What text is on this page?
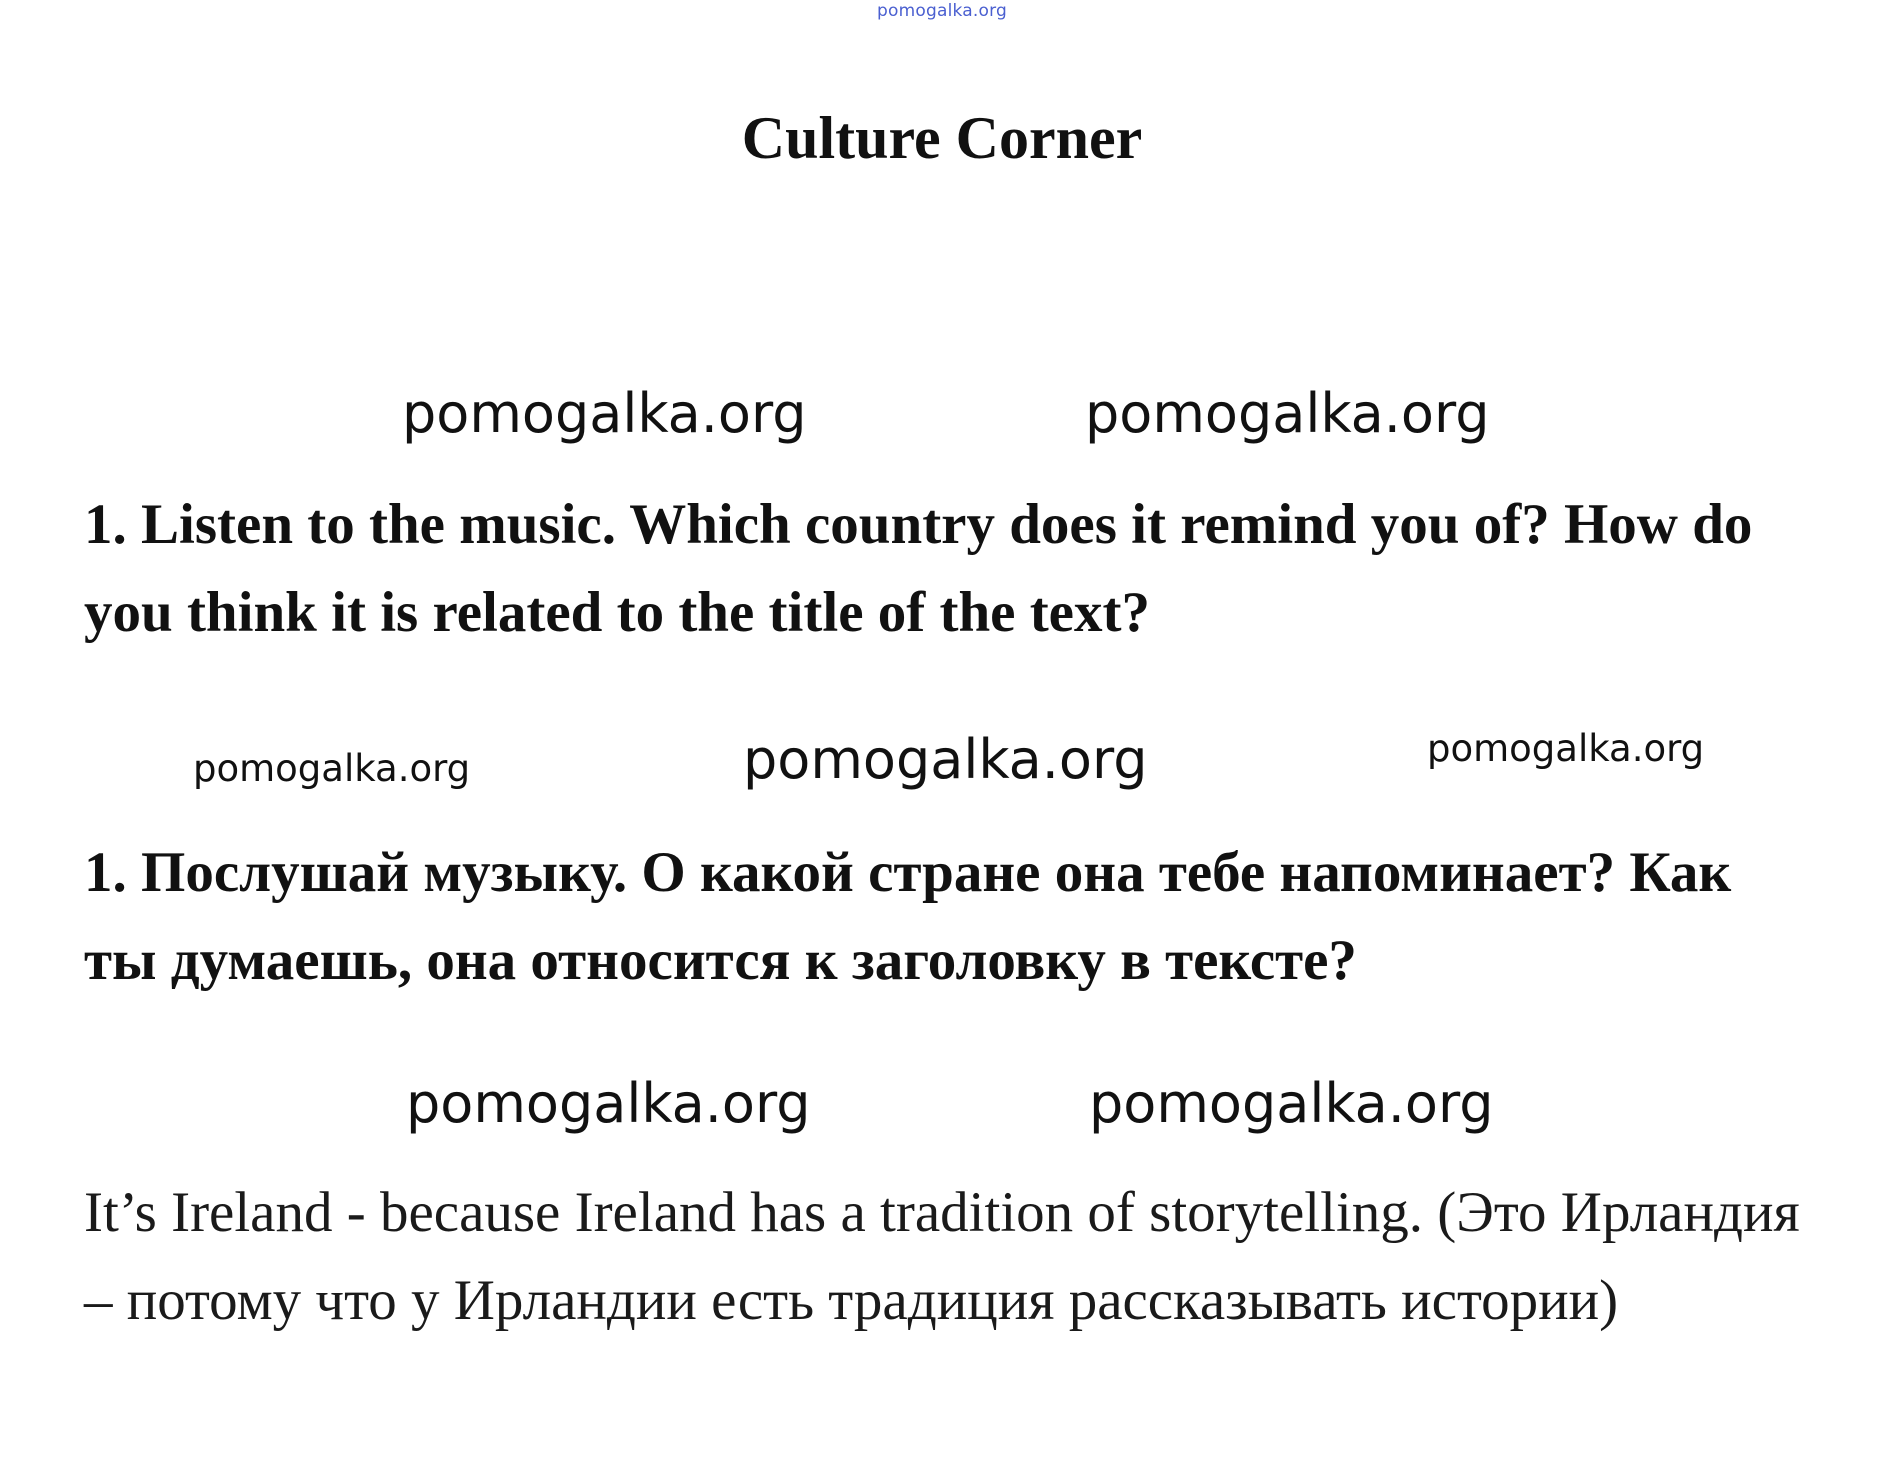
pomogalka.org
Culture Corner
pomogalka.org	pomogalka.org
1. Listen to the music. Which country does it remind you of? How do you think it is related to the title of the text?
pomogalka.org	pomogalka.org	pomogalka.org
1. Послушай музыку. О какой стране она тебе напоминает? Как ты думаешь, она относится к заголовку в тексте?
pomogalka.org	pomogalka.org
It’s Ireland - because Ireland has a tradition of storytelling. (Это Ирландия – потому что у Ирландии есть традиция рассказывать истории)
